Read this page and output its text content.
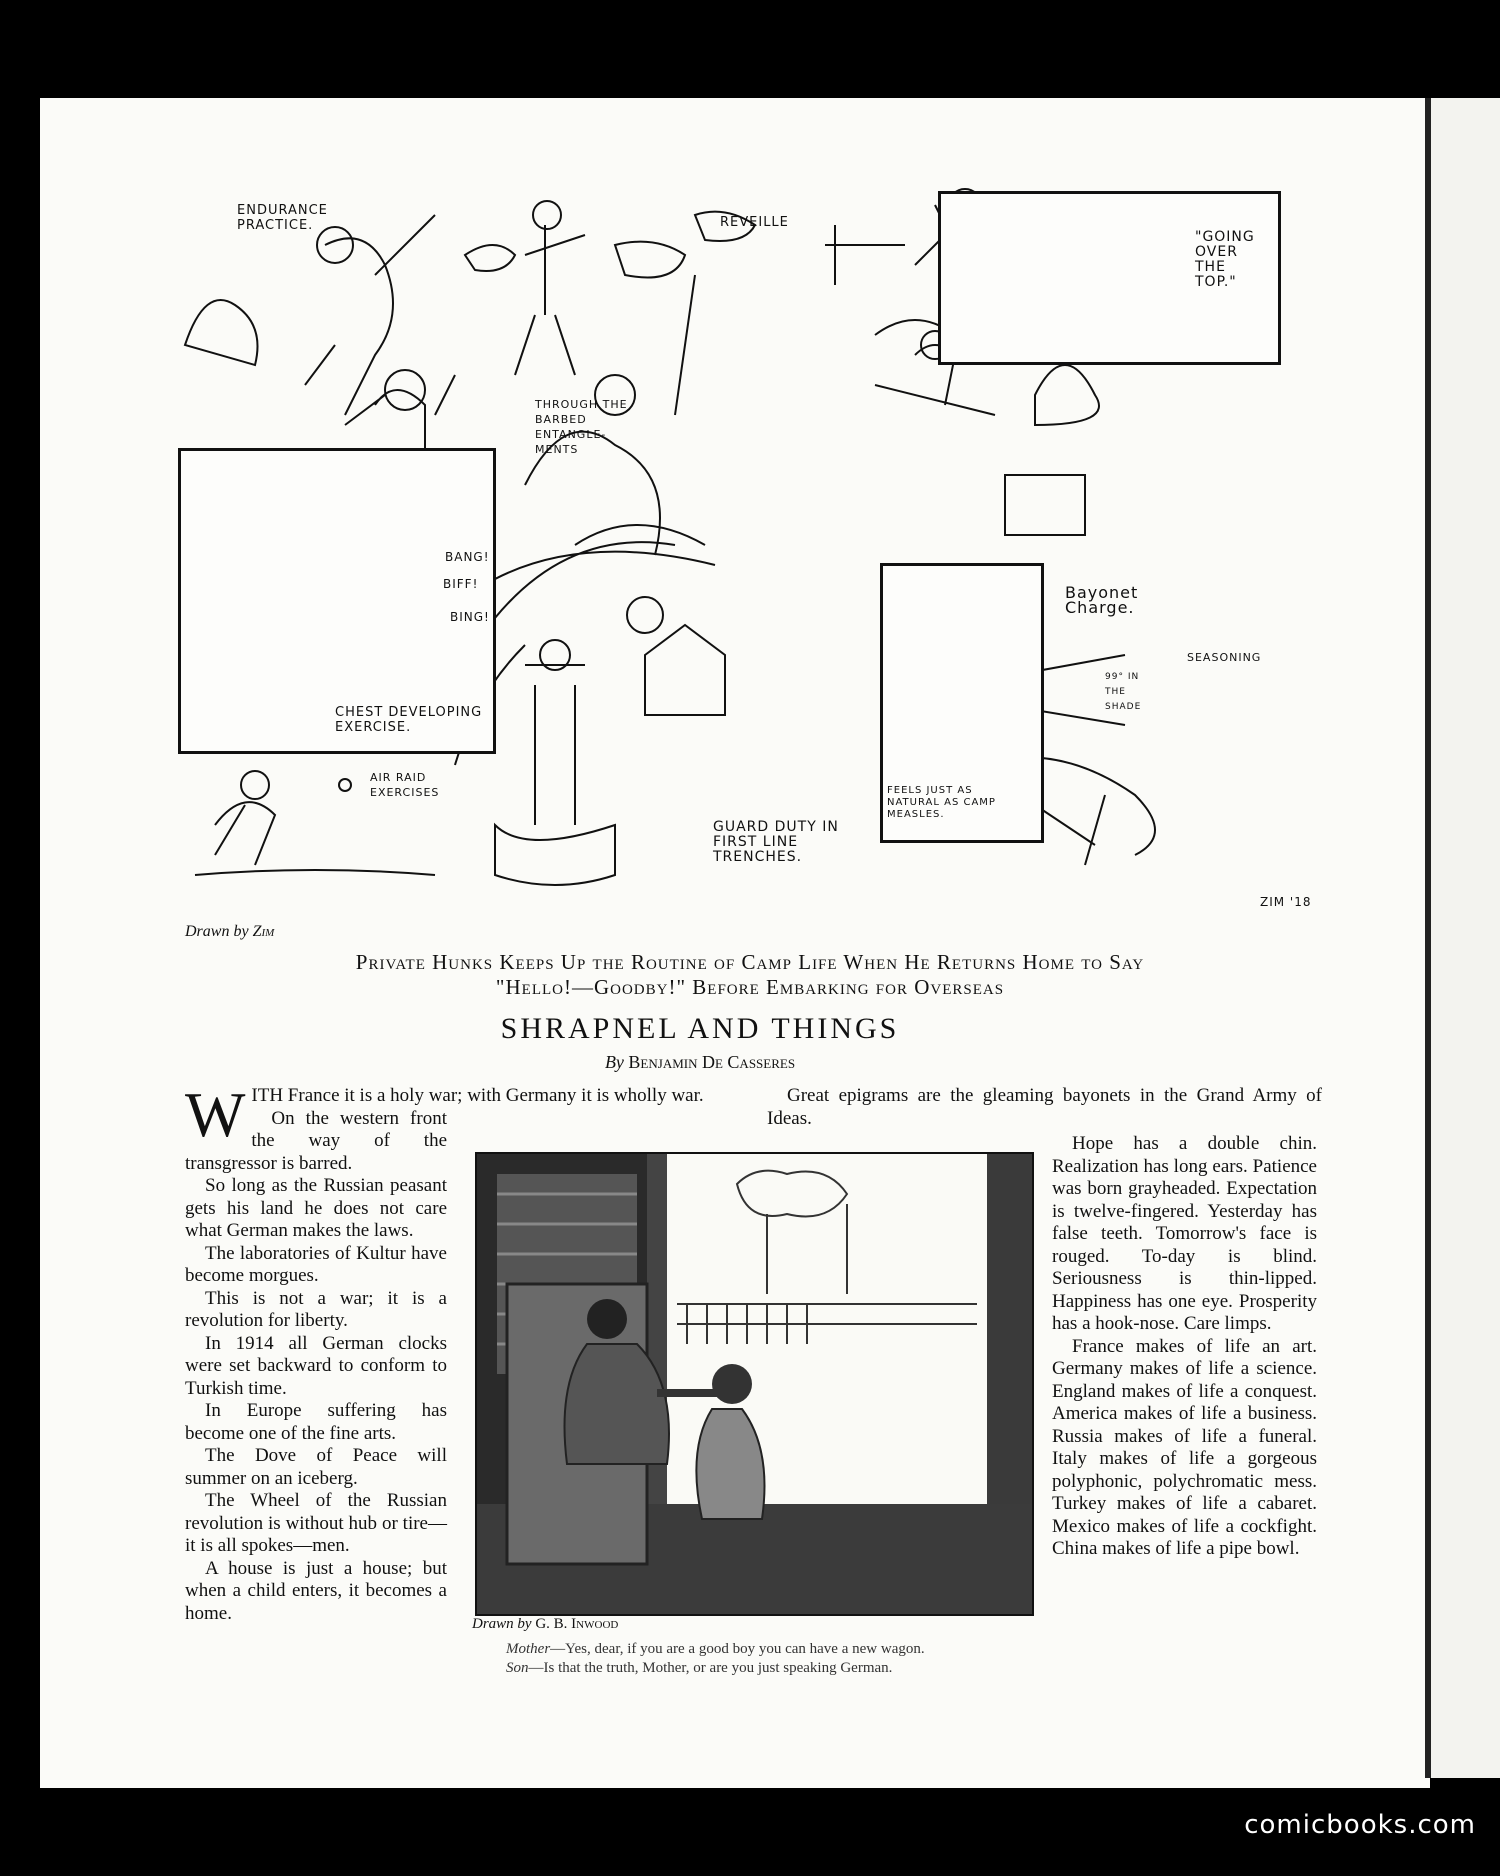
ENDURANCE PRACTICE.	REVEILLE
"GOING OVER THE TOP."
THROUGH THE BARBED ENTANGLE-MENTS
BANG!
BIFF!
BING!
CHEST DEVELOPING EXERCISE.
Bayonet Charge.
SEASONING
99° IN THE SHADE
AIR RAID EXERCISES
GUARD DUTY IN FIRST LINE TRENCHES.
FEELS JUST AS NATURAL AS CAMP MEASLES.
ZIM '18
Drawn by Zim
Private Hunks Keeps Up the Routine of Camp Life When He Returns Home to Say
"Hello!—Goodby!" Before Embarking for Overseas
SHRAPNEL AND THINGS
By Benjamin De Casseres
W ITH France it is a holy war; with Germany it is wholly war.

On the western front the way of the transgressor is barred.

So long as the Russian peasant gets his land he does not care what German makes the laws.

The laboratories of Kultur have become morgues.

This is not a war; it is a revolution for liberty.

In 1914 all German clocks were set backward to conform to Turkish time.

In Europe suffering has become one of the fine arts.

The Dove of Peace will summer on an iceberg.

The Wheel of the Russian revolution is without hub or tire—it is all spokes—men.

A house is just a house; but when a child enters, it becomes a home.

Great epigrams are the gleaming bayonets in the Grand Army of Ideas.

Drawn by G. B. Inwood

Mother—Yes, dear, if you are a good boy you can have a new wagon.

Son—Is that the truth, Mother, or are you just speaking German.

Hope has a double chin. Realization has long ears. Patience was born grayheaded. Expectation is twelve-fingered. Yesterday has false teeth. Tomorrow's face is rouged. To-day is blind. Seriousness is thin-lipped. Happiness has one eye. Prosperity has a hook-nose. Care limps.

France makes of life an art. Germany makes of life a science. England makes of life a conquest. America makes of life a business. Russia makes of life a funeral. Italy makes of life a gorgeous polyphonic, polychromatic mess. Turkey makes of life a cabaret. Mexico makes of life a cockfight. China makes of life a pipe bowl.

comicbooks.com
